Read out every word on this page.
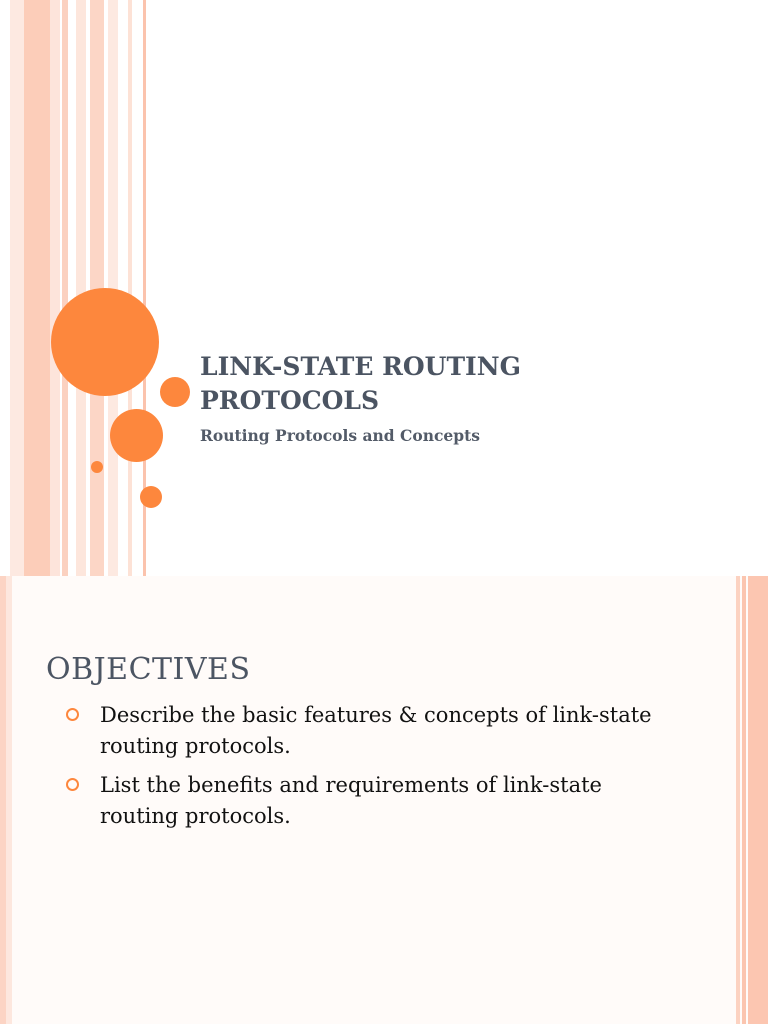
LINK-STATE ROUTING
PROTOCOLS

Routing Protocols and Concepts

OBJECTIVES
Describe the basic features & concepts of link-state
routing protocols.
List the benefits and requirements of link-state
routing protocols.
